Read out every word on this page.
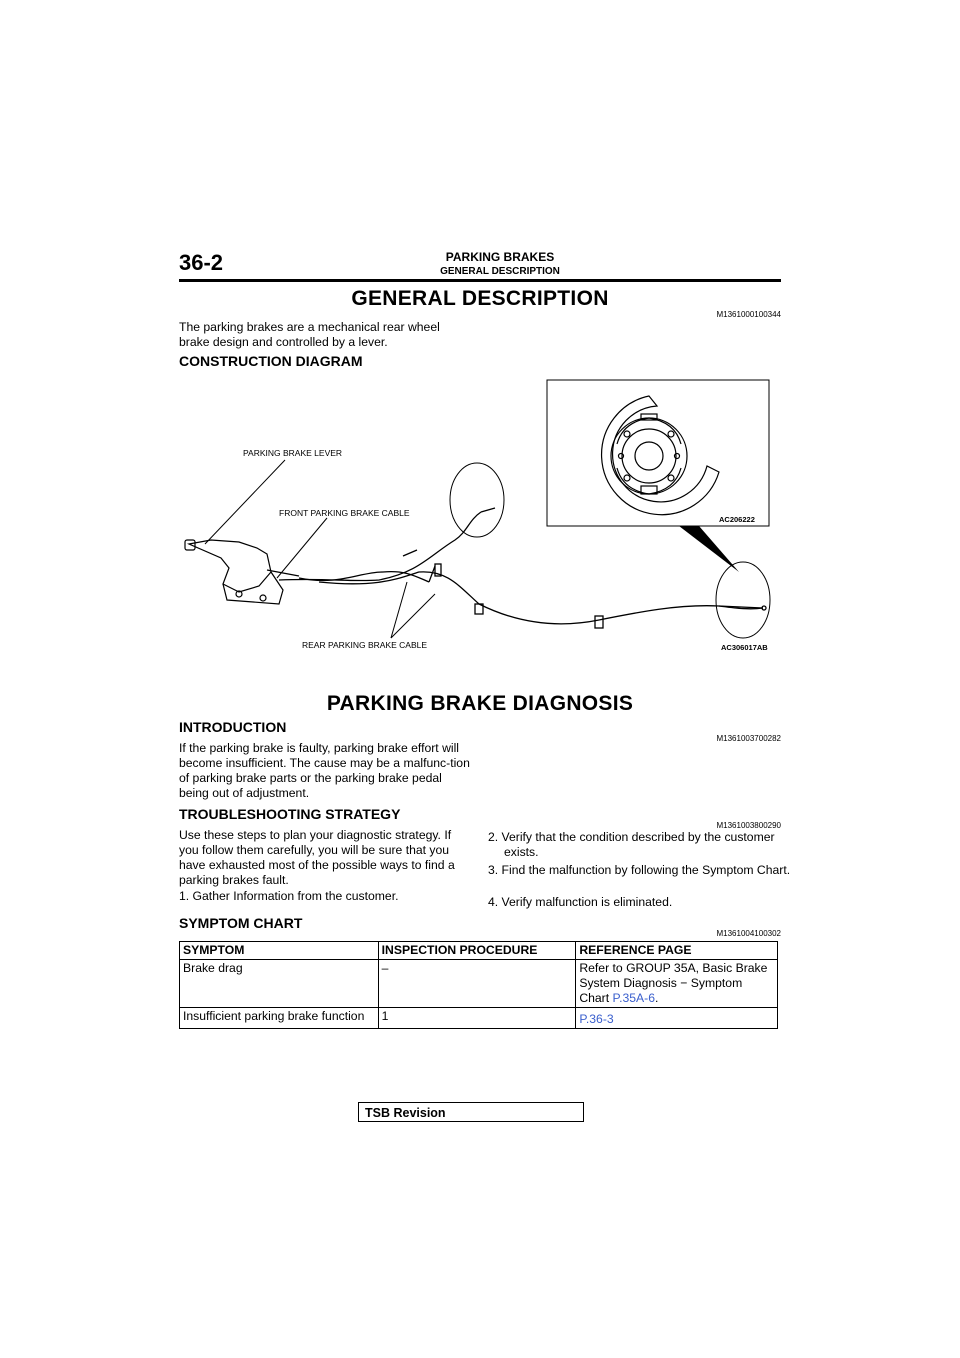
36-2	PARKING BRAKES
GENERAL DESCRIPTION
GENERAL DESCRIPTION
M1361000100344
The parking brakes are a mechanical rear wheel brake design and controlled by a lever.
CONSTRUCTION DIAGRAM
AC206222
PARKING BRAKE LEVER
FRONT PARKING BRAKE CABLE
REAR PARKING BRAKE CABLE	AC306017AB
PARKING BRAKE DIAGNOSIS
INTRODUCTION
M1361003700282
If the parking brake is faulty, parking brake effort will become insufficient. The cause may be a malfunc-tion of parking brake parts or the parking brake pedal being out of adjustment.
TROUBLESHOOTING STRATEGY
M1361003800290
Use these steps to plan your diagnostic strategy. If you follow them carefully, you will be sure that you have exhausted most of the possible ways to find a parking brakes fault.
1. Gather Information from the customer.
2. Verify that the condition described by the customer exists.
3. Find the malfunction by following the Symptom Chart.
4. Verify malfunction is eliminated.
SYMPTOM CHART
M1361004100302
SYMPTOM	INSPECTION PROCEDURE	REFERENCE PAGE
Brake drag	–	Refer to GROUP 35A, Basic Brake System Diagnosis − Symptom Chart P.35A-6.
Insufficient parking brake function	1	P.36-3
TSB Revision
